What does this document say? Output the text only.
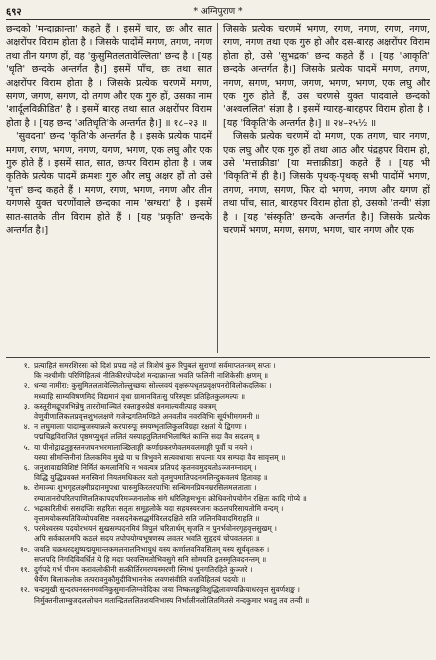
६९२	* अग्निपुराण *

छन्दको 'मन्दाक्रान्ता' कहते हैं । इसमें चार, छः और सात अक्षरोंपर विराम होता है । जिसके पादोंमें मगण, तगण, नगण तथा तीन यगण हों, वह 'कुसुमितलतावेल्लिता' छन्द है । [यह 'धृति' छन्दके अन्तर्गत है।] इसमें पाँच, छः तथा सात अक्षरोंपर विराम होता है । जिसके प्रत्येक चरणमें मगण, सगण, जगण, सगण, दो तगण और एक गुरु हों, उसका नाम 'शार्दूलविक्रीडित' है । इसमें बारह तथा सात अक्षरोंपर विराम होता है । [यह छन्द 'अतिधृति'के अन्तर्गत है।] ॥ १८–२३ ॥

'सुवदना' छन्द 'कृति'के अन्तर्गत है । इसके प्रत्येक पादमें मगण, रगण, भगण, नगण, यगण, भगण, एक लघु और एक गुरु होते हैं । इसमें सात, सात, छःपर विराम होता है । जब कृतिके प्रत्येक पादमें क्रमशः गुरु और लघु अक्षर हों तो उसे 'वृत्त' छन्द कहते हैं । मगण, रगण, भगण, नगण और तीन यगणसे युक्त चरणोंवाले छन्दका नाम 'स्रग्धरा' है । इसमें सात-सातके तीन विराम होते हैं । [यह 'प्रकृति' छन्दके अन्तर्गत है।]

जिसके प्रत्येक चरणमें भगण, रगण, नगण, रगण, नगण, रगण, नगण तथा एक गुरु हो और दस-बारह अक्षरोंपर विराम होता हो, उसे 'सुभद्रक' छन्द कहते हैं । [यह 'आकृति' छन्दके अन्तर्गत है।] जिसके प्रत्येक पादमें मगण, तगण, नगण, सगण, भगण, जगण, भगण, भगण, एक लघु और एक गुरु होते हैं, उस चरणसे युक्त पादवाले छन्दको 'अश्वललित' संज्ञा है । इसमें ग्यारह-बारहपर विराम होता है । [यह 'विकृति'के अन्तर्गत है।] ॥ २४–२५½ ॥

जिसके प्रत्येक चरणमें दो मगण, एक तगण, चार नगण, एक लघु और एक गुरु हों तथा आठ और पंद्रहपर विराम हो, उसे 'मत्ताक्रीडा' [या मत्ताक्रीडा] कहते हैं । [यह भी 'विकृति'में ही है।] जिसके पृथक्-पृथक् सभी पादोंमें भगण, तगण, नगण, सगण, फिर दो भगण, नगण और यगण हों तथा पाँच, सात, बारहपर विराम होता हो, उसको 'तन्वी' संज्ञा है । [यह 'संस्कृति' छन्दके अन्तर्गत है।] जिसके प्रत्येक चरणमें भगण, मगण, सगण, भगण, चार नगण और एक

१. प्रत्याहितं समरशिरसः को दिशं प्रपद्य नहे लं त्रिःशेषं कुरु रिपुबलं सुराणां सर्वमाप्ततन्त्रम् सप्तः ।
कि नश्चीमीः परिणिहितत्वं नीतिकीरपोपदेशं मन्दाक्रान्ता भवति फलिनी नाशिकेसीः क्षणम् ॥
२. धन्या नामीरा: कुसुमितलतावेल्लितोल्लुच्छयः सोल्लवयं वृक्षरूपधृतप्रवृक्षपनरोविलोकदलिकः ।
मध्याहि साम्यविषणमिदं विद्यमानं वृथा ग्रामानवितःसु परिस्पृष्टः प्रतिहितकुलमल्पः ॥
३. कस्तूरीमद्रूपत्रभिन्नेषु ताररोमाञ्चितं रक्ताङ्गरुप्रेष्ठं वनमाल्यवीत्पाह वक्त्रम्
वेणुवीणालिकलप्रवृत्तशुभलक्षणे गजेन्द्रगतिमण्डिते अनवतीव नवरविभिः सूर्यभीमगमनी ॥
४. न लघुमालाः पादाम्बुजस्यान्नत्वे करपारुपूः स्मयम्भृतालिकुलविग्रहा रक्षतां ये द्विगणः ।
पद्मचिह्नविराजितं पृष्ठमप्युधृतं ललितं यस्याहतुलितमभिलाषितं कान्ति सदा वैव सदलम् ॥
५. या पीनोद्गाढतुङ्गस्तनजघनभरमालाञ्छिताङ्गी कर्णाग्रकरणेवलमवलमाङ्गी पूर्वौ च नयने ।
यस्या सीमन्तिनीनां तिलकमिव मुखे या च त्रिभुवने सत्यवधायाः सपत्नाः यत्र सम्पदा वैव सावृत्तम् ॥
६. जनुशावाद्यविशिष्टं निर्मितं कमलानिधि न भवत्यत्र प्रतिपदं कृतनवमुदयतोऽञ्जनम्नादम् ।
विद्धि युद्धिप्रवक्तं मनस्विनां नियतमधिकतर यतो वृतमुपमातिपदनमलिन्दुकवलयं हितावह ॥
७. रोमाञ्चः शुभगृहलक्ष्मीप्रदानमुपधा चारुमुकिरतरपाभिः सन्धिमनप्रियनम्ररसिलमलताताः ।
रम्यातानरोपरितपाणिलतिकापदपरिमञ्जनालोक संगे धरिलिङ्गमभूनः क्रोधिवनोपयोगेन रक्षितः कादि गोप्ये ॥
८. भद्रकारितीर्थः ससदप्तिः सहरितः सतृतः समूहलोके यदा सहयस्यरजनः कठलपरिसायतोमि वन्दम् ।
वृत्तामयोकस्यतिविव्योपवसिष्ट नवसदनेकसद्धर्मविरलदक्षिते सति जलिनविवादमिराहति ॥
९. परमेश्वरस्य पदयोरभयनं सुखसम्पदनमिवं विपुलं चरितार्थम् सृजति न पुनर्भवोनरगृहवृत्तसुखम् ।
अपि सर्वकालमपि कठलं सदय तपोपयोग्यभूषणस्य लवतर भवति सुहृदयं चोपवतलतः ॥
१०. जयति चक्रधरदशुष्पद्मयूमान्तकमलनालनिभायुधं यस्य कर्णालवनिवसितम् यस्य सूर्यवृतकरु ।
सप्तपदि निगदिविवर्धितं ये हि मदाः परवत्तिमतोभिवसुगे सनि सोमयति इतस्मृतिवदनन्तम् ॥
११. दुर्गपदे गर्भ पीनम करावलोकीनी सत्कीर्तिरमरण्यस्मरणी स्निग्धं पुनगतिरहिते कुञ्जरे ।
धैर्येण बिलाकलोक तत्परावनुकौमुदीविभाननेक लवणसंवीति वजविहितत्वं पदयोः ॥
१२. चन्द्रमुखी सुन्दरघनस्तनमवनिकुसुमानलिग्नवेदिका जया निष्कलङ्कविशुद्धिलावण्यक्रियाधरवृत्त सुवर्णशङ्क ।
निर्मुक्तनीलाम्बुजदललोचन मतान्द्रितललितशयनिभास्य निर्भालीनलोलितमितसे नन्दकुमार भवतु तव तन्वी ॥
